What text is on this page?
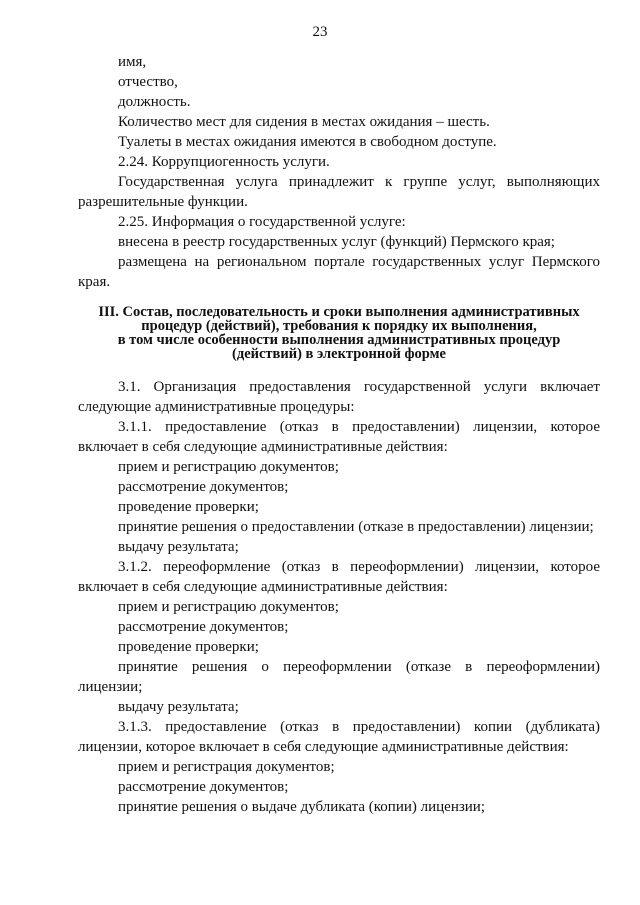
23

имя,

отчество,

должность.

Количество мест для сидения в местах ожидания – шесть.

Туалеты в местах ожидания имеются в свободном доступе.

2.24. Коррупциогенность услуги.

Государственная услуга принадлежит к группе услуг, выполняющих разрешительные функции.

2.25. Информация о государственной услуге:

внесена в реестр государственных услуг (функций) Пермского края;

размещена на региональном портале государственных услуг Пермского края.

III. Состав, последовательность и сроки выполнения административных
процедур (действий), требования к порядку их выполнения,
в том числе особенности выполнения административных процедур
(действий) в электронной форме

3.1. Организация предоставления государственной услуги включает следующие административные процедуры:

3.1.1. предоставление (отказ в предоставлении) лицензии, которое включает в себя следующие административные действия:

прием и регистрацию документов;

рассмотрение документов;

проведение проверки;

принятие решения о предоставлении (отказе в предоставлении) лицензии;

выдачу результата;

3.1.2. переоформление (отказ в переоформлении) лицензии, которое включает в себя следующие административные действия:

прием и регистрацию документов;

рассмотрение документов;

проведение проверки;

принятие решения о переоформлении (отказе в переоформлении) лицензии;

выдачу результата;

3.1.3. предоставление (отказ в предоставлении) копии (дубликата) лицензии, которое включает в себя следующие административные действия:

прием и регистрация документов;

рассмотрение документов;

принятие решения о выдаче дубликата (копии) лицензии;
